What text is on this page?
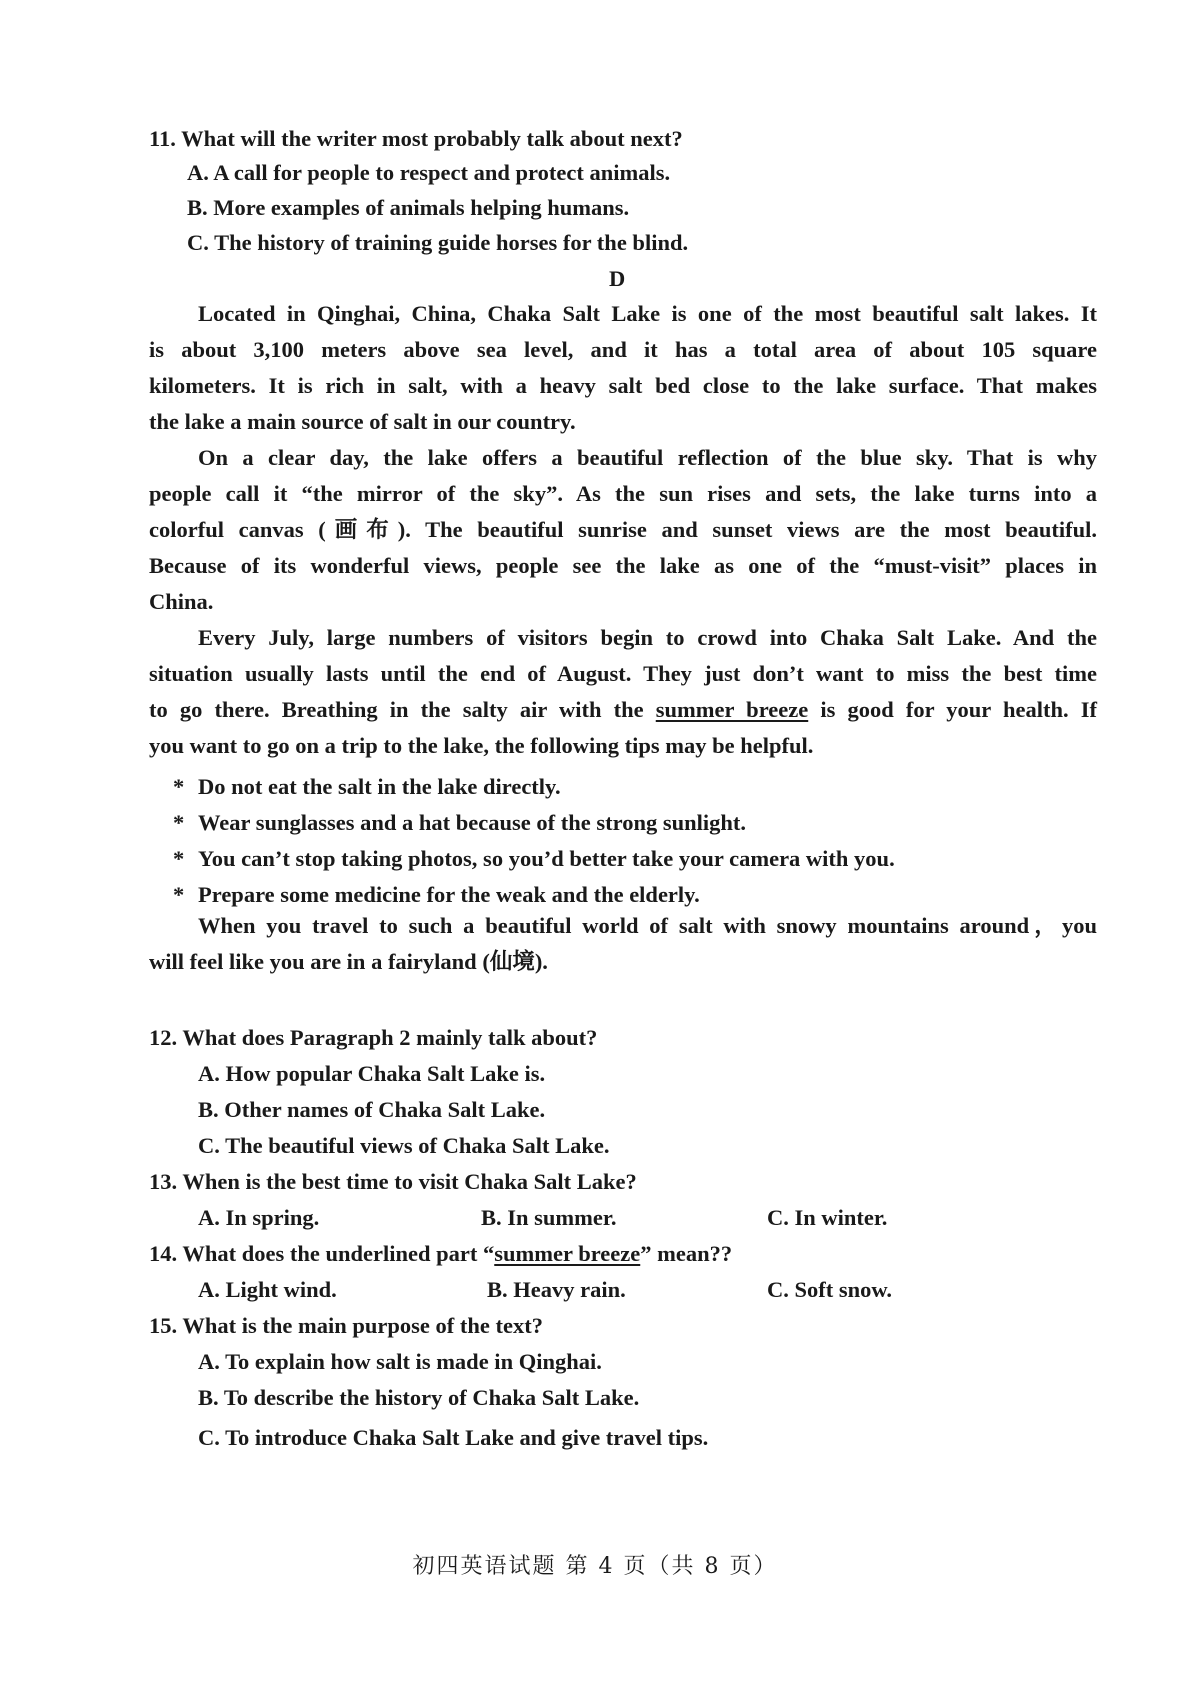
11. What will the writer most probably talk about next?
A. A call for people to respect and protect animals.
B. More examples of animals helping humans.
C. The history of training guide horses for the blind.
D
Located in Qinghai, China, Chaka Salt Lake is one of the most beautiful salt lakes. It
is about 3,100 meters above sea level, and it has a total area of about 105 square
kilometers. It is rich in salt, with a heavy salt bed close to the lake surface. That makes
the lake a main source of salt in our country.
On a clear day, the lake offers a beautiful reflection of the blue sky. That is why
people call it “the mirror of the sky”. As the sun rises and sets, the lake turns into a
colorful canvas (画布). The beautiful sunrise and sunset views are the most beautiful.
Because of its wonderful views, people see the lake as one of the “must-visit” places in
China.
Every July, large numbers of visitors begin to crowd into Chaka Salt Lake. And the
situation usually lasts until the end of August. They just don’t want to miss the best time
to go there. Breathing in the salty air with the summer breeze is good for your health. If
you want to go on a trip to the lake, the following tips may be helpful.
* Do not eat the salt in the lake directly.
* Wear sunglasses and a hat because of the strong sunlight.
* You can’t stop taking photos, so you’d better take your camera with you.
* Prepare some medicine for the weak and the elderly.
When you travel to such a beautiful world of salt with snowy mountains around，you
will feel like you are in a fairyland (仙境).
12. What does Paragraph 2 mainly talk about?
A. How popular Chaka Salt Lake is.
B. Other names of Chaka Salt Lake.
C. The beautiful views of Chaka Salt Lake.
13. When is the best time to visit Chaka Salt Lake?
A. In spring.	B. In summer.	C. In winter.
14. What does the underlined part “summer breeze” mean??
A. Light wind.	B. Heavy rain.	C. Soft snow.
15. What is the main purpose of the text?
A. To explain how salt is made in Qinghai.
B. To describe the history of Chaka Salt Lake.
C. To introduce Chaka Salt Lake and give travel tips.
初四英语试题 第 4 页（共 8 页）
